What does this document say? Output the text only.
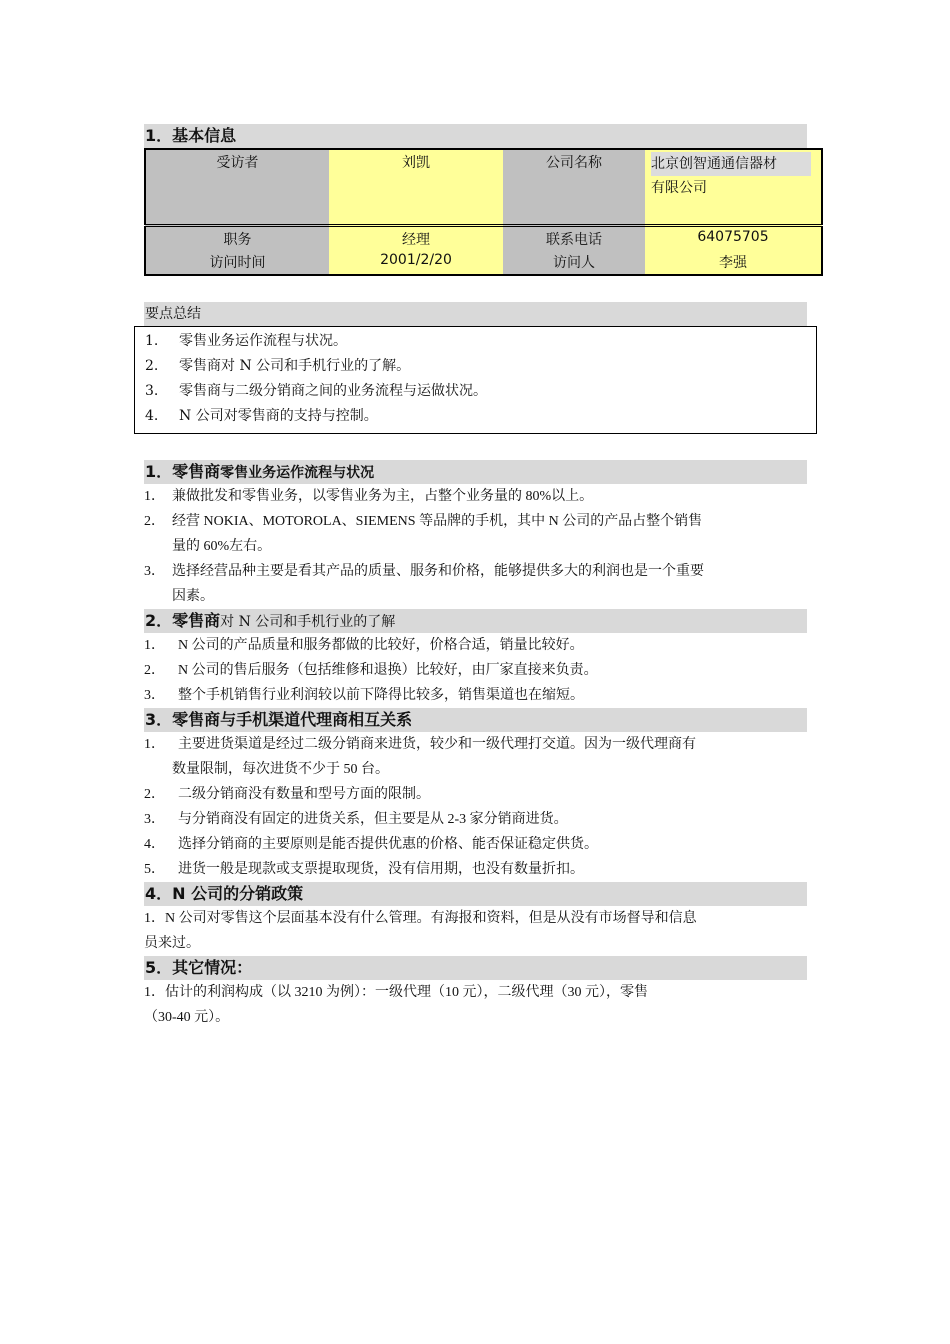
1．基本信息
受访者	刘凯	公司名称	北京创智通通信器材
有限公司
职务	经理	联系电话	64075705
访问时间	2001/2/20	访问人	李强
要点总结
1. 零售业务运作流程与状况。
2. 零售商对 N 公司和手机行业的了解。
3. 零售商与二级分销商之间的业务流程与运做状况。
4. N 公司对零售商的支持与控制。
1．零售商零售业务运作流程与状况
1． 兼做批发和零售业务，以零售业务为主，占整个业务量的 80%以上。
2． 经营 NOKIA、MOTOROLA、SIEMENS 等品牌的手机，其中 N 公司的产品占整个销售
量的 60%左右。
3． 选择经营品种主要是看其产品的质量、服务和价格，能够提供多大的利润也是一个重要
因素。
2．零售商对 N 公司和手机行业的了解
1． N 公司的产品质量和服务都做的比较好，价格合适，销量比较好。
2． N 公司的售后服务（包括维修和退换）比较好，由厂家直接来负责。
3． 整个手机销售行业利润较以前下降得比较多，销售渠道也在缩短。
3．零售商与手机渠道代理商相互关系
1． 主要进货渠道是经过二级分销商来进货，较少和一级代理打交道。因为一级代理商有
数量限制，每次进货不少于 50 台。
2． 二级分销商没有数量和型号方面的限制。
3． 与分销商没有固定的进货关系，但主要是从 2-3 家分销商进货。
4． 选择分销商的主要原则是能否提供优惠的价格、能否保证稳定供货。
5． 进货一般是现款或支票提取现货，没有信用期，也没有数量折扣。
4．N 公司的分销政策
1．N 公司对零售这个层面基本没有什么管理。有海报和资料，但是从没有市场督导和信息
员来过。
5．其它情况：
1．估计的利润构成（以 3210 为例）：一级代理（10 元），二级代理（30 元），零售
（30-40 元）。
